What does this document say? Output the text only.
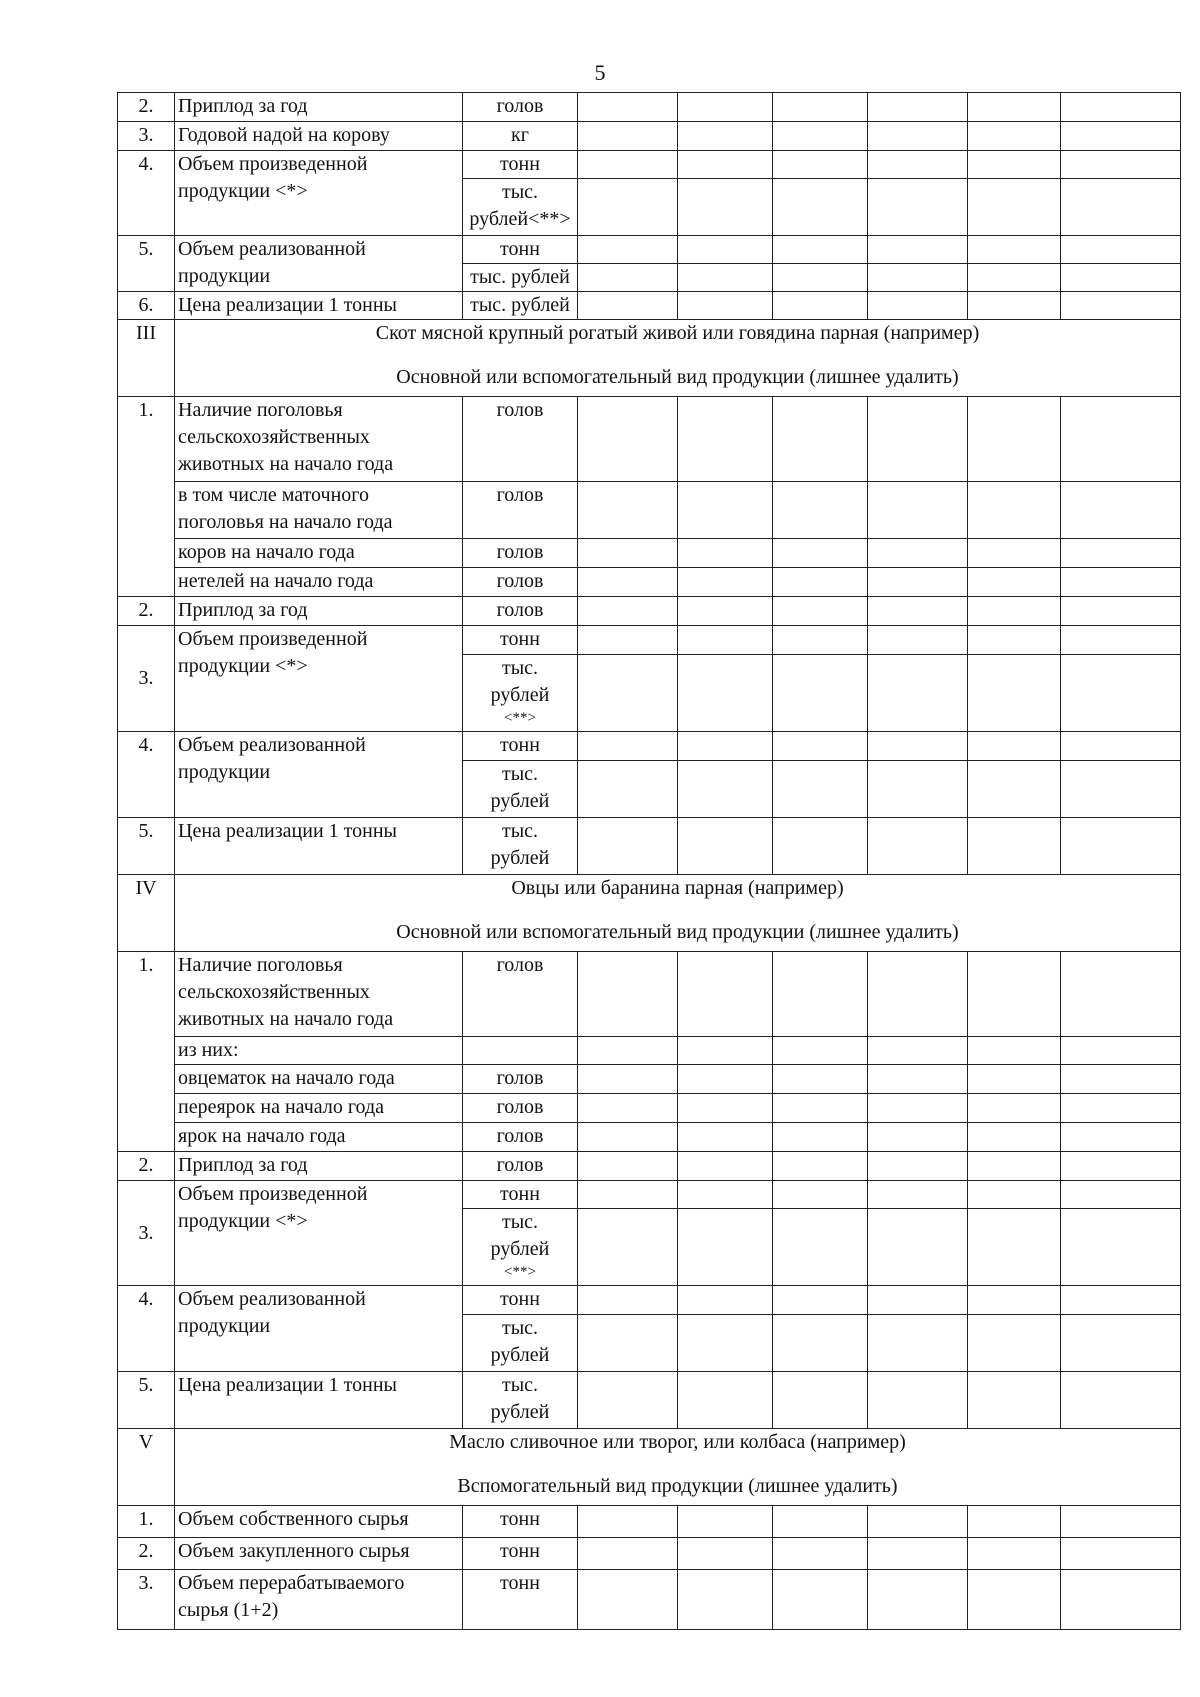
5
2.	Приплод за год	голов						
3.	Годовой надой на корову	кг						
4.	Объем произведенной продукции <*>	тонн						
		тыс.
рублей<**>						
5.	Объем реализованной продукции	тонн						
		тыс. рублей						
6.	Цена реализации 1 тонны	тыс. рублей						
III	Скот мясной крупный рогатый живой или говядина парная (например)
Основной или вспомогательный вид продукции (лишнее удалить)							

1.	Наличие поголовья сельскохозяйственных животных на начало года	голов						
	в том числе маточного поголовья на начало года	голов						
	коров на начало года	голов						
	нетелей на начало года	голов						
2.	Приплод за год	голов						
3.	Объем произведенной продукции <*>	тонн						
		тыс.
рублей
<**>						

4.	Объем реализованной продукции	тонн						
		тыс.
рублей						
5.	Цена реализации 1 тонны	тыс.
рублей						
IV	Овцы или баранина парная (например)
Основной или вспомогательный вид продукции (лишнее удалить)							

1.	Наличие поголовья сельскохозяйственных животных на начало года	голов						
	из них:							
	овцематок на начало года	голов						
	переярок на начало года	голов						
	ярок на начало года	голов						
2.	Приплод за год	голов						
3.	Объем произведенной продукции <*>	тонн						
		тыс.
рублей
<**>						

4.	Объем реализованной продукции	тонн						
		тыс.
рублей						
5.	Цена реализации 1 тонны	тыс.
рублей						
V	Масло сливочное или творог, или колбаса (например)
Вспомогательный вид продукции (лишнее удалить)							

1.	Объем собственного сырья	тонн						
2.	Объем закупленного сырья	тонн						
3.	Объем перерабатываемого сырья (1+2)	тонн						
